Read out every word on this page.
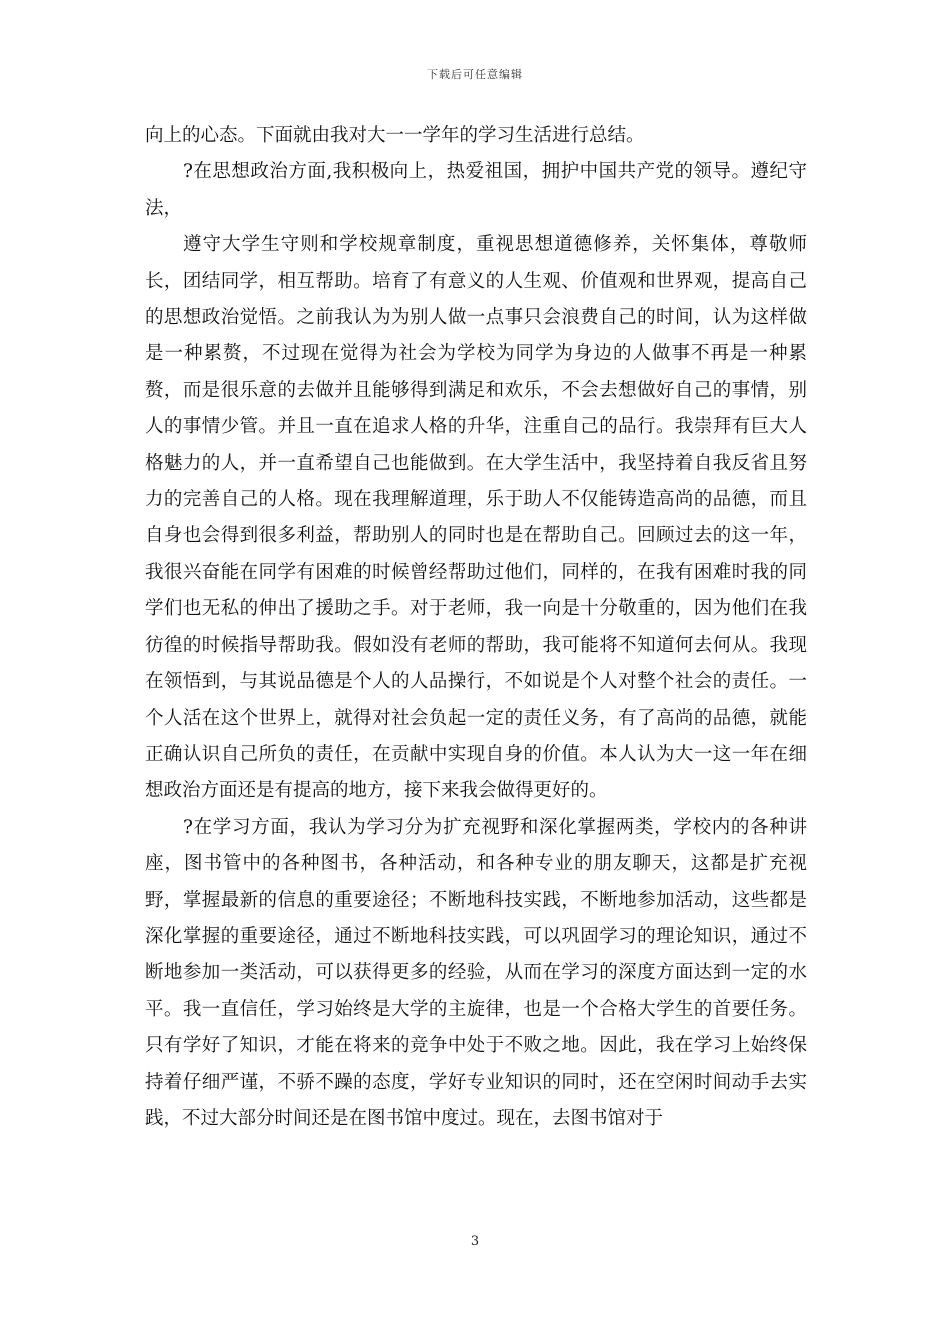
下载后可任意编辑

向上的心态。下面就由我对大一一学年的学习生活进行总结。

?在思想政治方面,我积极向上，热爱祖国，拥护中国共产党的领导。遵纪守法，

遵守大学生守则和学校规章制度，重视思想道德修养，关怀集体，尊敬师长，团结同学，相互帮助。培育了有意义的人生观、价值观和世界观，提高自己的思想政治觉悟。之前我认为为别人做一点事只会浪费自己的时间，认为这样做是一种累赘，不过现在觉得为社会为学校为同学为身边的人做事不再是一种累赘，而是很乐意的去做并且能够得到满足和欢乐，不会去想做好自己的事情，别人的事情少管。并且一直在追求人格的升华，注重自己的品行。我崇拜有巨大人格魅力的人，并一直希望自己也能做到。在大学生活中，我坚持着自我反省且努力的完善自己的人格。现在我理解道理，乐于助人不仅能铸造高尚的品德，而且自身也会得到很多利益，帮助别人的同时也是在帮助自己。回顾过去的这一年，我很兴奋能在同学有困难的时候曾经帮助过他们，同样的，在我有困难时我的同学们也无私的伸出了援助之手。对于老师，我一向是十分敬重的，因为他们在我彷徨的时候指导帮助我。假如没有老师的帮助，我可能将不知道何去何从。我现在领悟到，与其说品德是个人的人品操行，不如说是个人对整个社会的责任。一个人活在这个世界上，就得对社会负起一定的责任义务，有了高尚的品德，就能正确认识自己所负的责任，在贡献中实现自身的价值。本人认为大一这一年在细想政治方面还是有提高的地方，接下来我会做得更好的。

?在学习方面，我认为学习分为扩充视野和深化掌握两类，学校内的各种讲座，图书管中的各种图书，各种活动，和各种专业的朋友聊天，这都是扩充视野，掌握最新的信息的重要途径；不断地科技实践，不断地参加活动，这些都是深化掌握的重要途径，通过不断地科技实践，可以巩固学习的理论知识，通过不断地参加一类活动，可以获得更多的经验，从而在学习的深度方面达到一定的水平。我一直信任，学习始终是大学的主旋律，也是一个合格大学生的首要任务。只有学好了知识，才能在将来的竞争中处于不败之地。因此，我在学习上始终保持着仔细严谨，不骄不躁的态度，学好专业知识的同时，还在空闲时间动手去实践，不过大部分时间还是在图书馆中度过。现在，去图书馆对于

3
